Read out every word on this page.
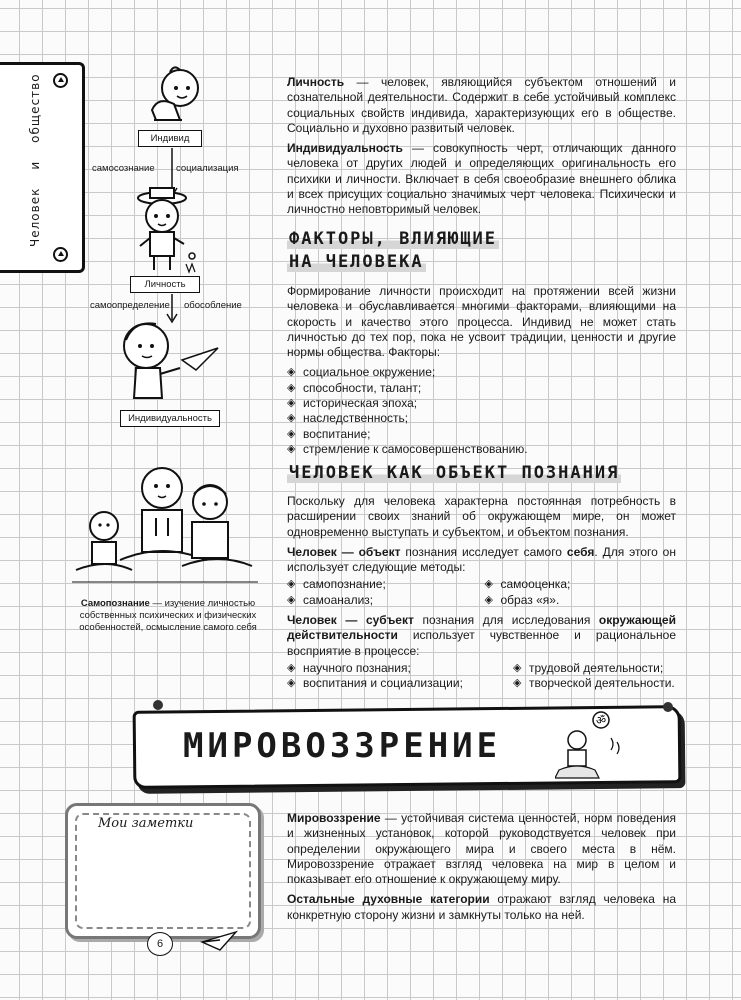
Человекиобщество	Индивид
самосознание социализация
Личность
самоопределение обособление
Индивидуальность
Самопознание — изучение личностью собственных психических и физических особенностей, осмысление самого себя

Личность — человек, являющийся субъектом отношений и сознательной деятельности. Содержит в себе устойчивый комплекс социальных свойств индивида, характеризующих его в обществе. Социально и духовно развитый человек.

Индивидуальность — совокупность черт, отличающих данного человека от других людей и определяющих оригинальность его психики и личности. Включает в себя своеобразие внешнего облика и всех присущих социально значимых черт человека. Психически и личностно неповторимый человек.

ФАКТОРЫ, ВЛИЯЮЩИЕ
НА ЧЕЛОВЕКА

Формирование личности происходит на протяжении всей жизни человека и обуславливается многими факторами, влияющими на скорость и качество этого процесса. Индивид не может стать личностью до тех пор, пока не усвоит традиции, ценности и другие нормы общества. Факторы:

◈ социальное окружение;
◈ способности, талант;
◈ историческая эпоха;
◈ наследственность;
◈ воспитание;
◈ стремление к самосовершенствованию.
ЧЕЛОВЕК КАК ОБЪЕКТ ПОЗНАНИЯ

Поскольку для человека характерна постоянная потребность в расширении своих знаний об окружающем мире, он может одновременно выступать и субъектом, и объектом познания.

Человек — объект познания исследует самого себя. Для этого он использует следующие методы:

◈ самопознание;	◈ самооценка;
◈ самоанализ;	◈ образ «я».

Человек — субъект познания для исследования окружающей действительности использует чувственное и рациональное восприятие в процессе:

◈ научного познания;	◈ трудовой деятельности;
◈ воспитания и социализации;	◈ творческой деятельности.
МИРОВОЗЗРЕНИЕ
ॐ

Мировоззрение — устойчивая система ценностей, норм поведения и жизненных установок, которой руководствуется человек при определении окружающего мира и своего места в нём. Мировоззрение отражает взгляд человека на мир в целом и показывает его отношение к окружающему миру.

Остальные духовные категории отражают взгляд человека на конкретную сторону жизни и замкнуты только на ней.

Мои заметки
6
